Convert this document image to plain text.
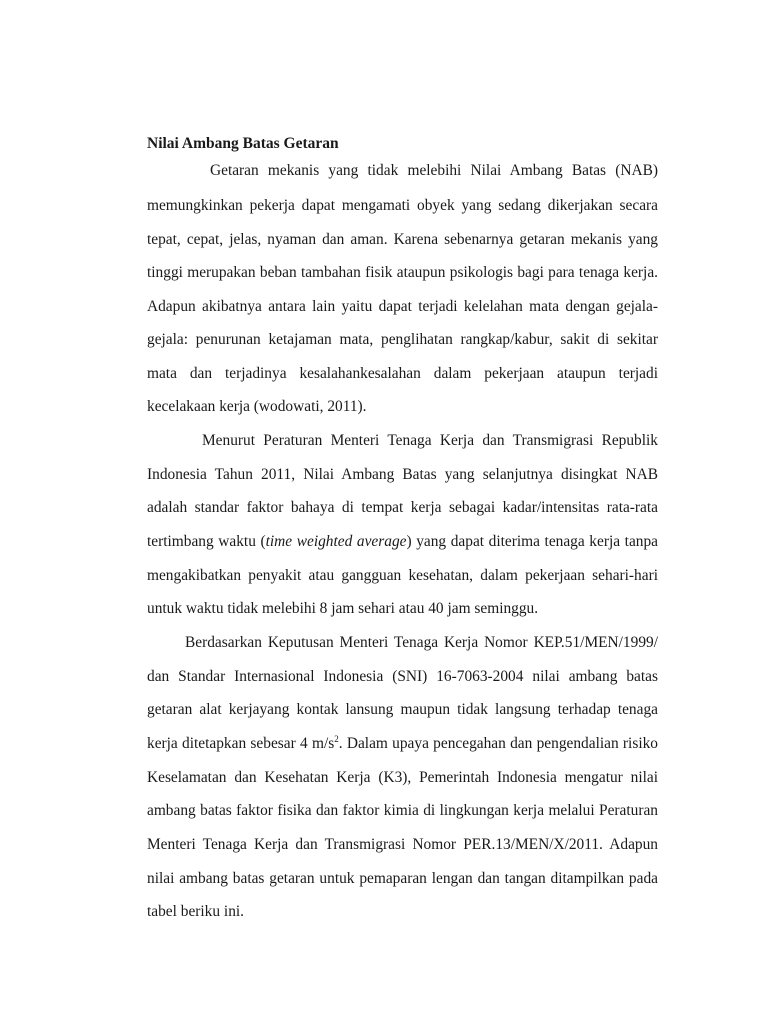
Nilai Ambang Batas Getaran

Getaran mekanis yang tidak melebihi Nilai Ambang Batas (NAB)

memungkinkan pekerja dapat mengamati obyek yang sedang dikerjakan secara

tepat, cepat, jelas, nyaman dan aman. Karena sebenarnya getaran mekanis yang

tinggi merupakan beban tambahan fisik ataupun psikologis bagi para tenaga kerja.

Adapun akibatnya antara lain yaitu dapat terjadi kelelahan mata dengan gejala-

gejala: penurunan ketajaman mata, penglihatan rangkap/kabur, sakit di sekitar

mata dan terjadinya kesalahankesalahan dalam pekerjaan ataupun terjadi

kecelakaan kerja (wodowati, 2011).

Menurut Peraturan Menteri Tenaga Kerja dan Transmigrasi Republik

Indonesia Tahun 2011, Nilai Ambang Batas yang selanjutnya disingkat NAB

adalah standar faktor bahaya di tempat kerja sebagai kadar/intensitas rata-rata

tertimbang waktu (time weighted average) yang dapat diterima tenaga kerja tanpa

mengakibatkan penyakit atau gangguan kesehatan, dalam pekerjaan sehari-hari

untuk waktu tidak melebihi 8 jam sehari atau 40 jam seminggu.

Berdasarkan Keputusan Menteri Tenaga Kerja Nomor KEP.51/MEN/1999/

dan Standar Internasional Indonesia (SNI) 16-7063-2004 nilai ambang batas

getaran alat kerjayang kontak lansung maupun tidak langsung terhadap tenaga

kerja ditetapkan sebesar 4 $m/s^2$. Dalam upaya pencegahan dan pengendalian risiko

Keselamatan dan Kesehatan Kerja (K3), Pemerintah Indonesia mengatur nilai

ambang batas faktor fisika dan faktor kimia di lingkungan kerja melalui Peraturan

Menteri Tenaga Kerja dan Transmigrasi Nomor PER.13/MEN/X/2011. Adapun

nilai ambang batas getaran untuk pemaparan lengan dan tangan ditampilkan pada

tabel beriku ini.
